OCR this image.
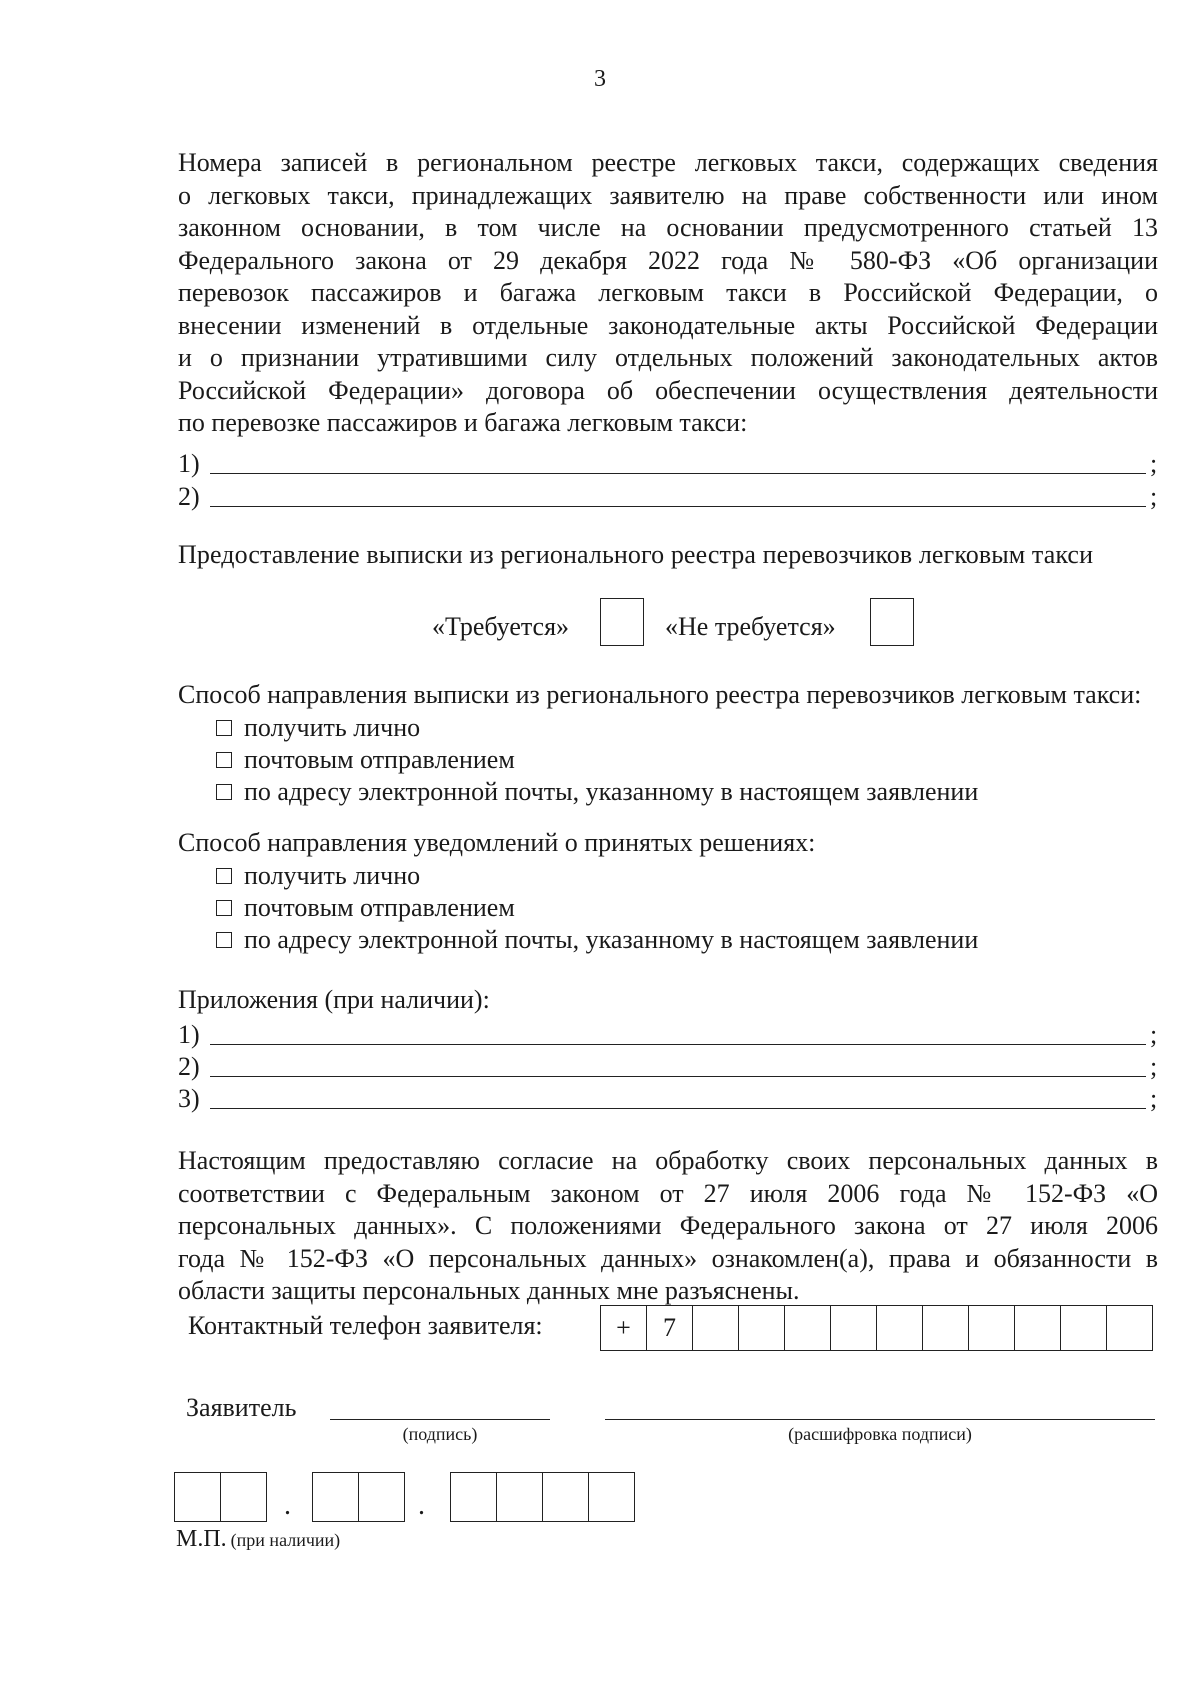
3
Номера записей в региональном реестре легковых такси, содержащих сведения
о легковых такси, принадлежащих заявителю на праве собственности или ином
законном основании, в том числе на основании предусмотренного статьей 13
Федерального закона от 29 декабря 2022 года № 580-ФЗ «Об организации
перевозок пассажиров и багажа легковым такси в Российской Федерации, о
внесении изменений в отдельные законодательные акты Российской Федерации
и о признании утратившими силу отдельных положений законодательных актов
Российской Федерации» договора об обеспечении осуществления деятельности
по перевозке пассажиров и багажа легковым такси:
1)	;
2)	;
Предоставление выписки из регионального реестра перевозчиков легковым такси
«Требуется»	«Не требуется»
Способ направления выписки из регионального реестра перевозчиков легковым такси:
получить лично
почтовым отправлением
по адресу электронной почты, указанному в настоящем заявлении
Способ направления уведомлений о принятых решениях:
получить лично
почтовым отправлением
по адресу электронной почты, указанному в настоящем заявлении
Приложения (при наличии):
1)	;
2)	;
3)	;
Настоящим предоставляю согласие на обработку своих персональных данных в
соответствии с Федеральным законом от 27 июля 2006 года № 152-ФЗ «О
персональных данных». С положениями Федерального закона от 27 июля 2006
года № 152-ФЗ «О персональных данных» ознакомлен(а), права и обязанности в
области защиты персональных данных мне разъяснены.
Контактный телефон заявителя:	+	7
Заявитель
(подпись)	(расшифровка подписи)
.	.
М.П. (при наличии)
